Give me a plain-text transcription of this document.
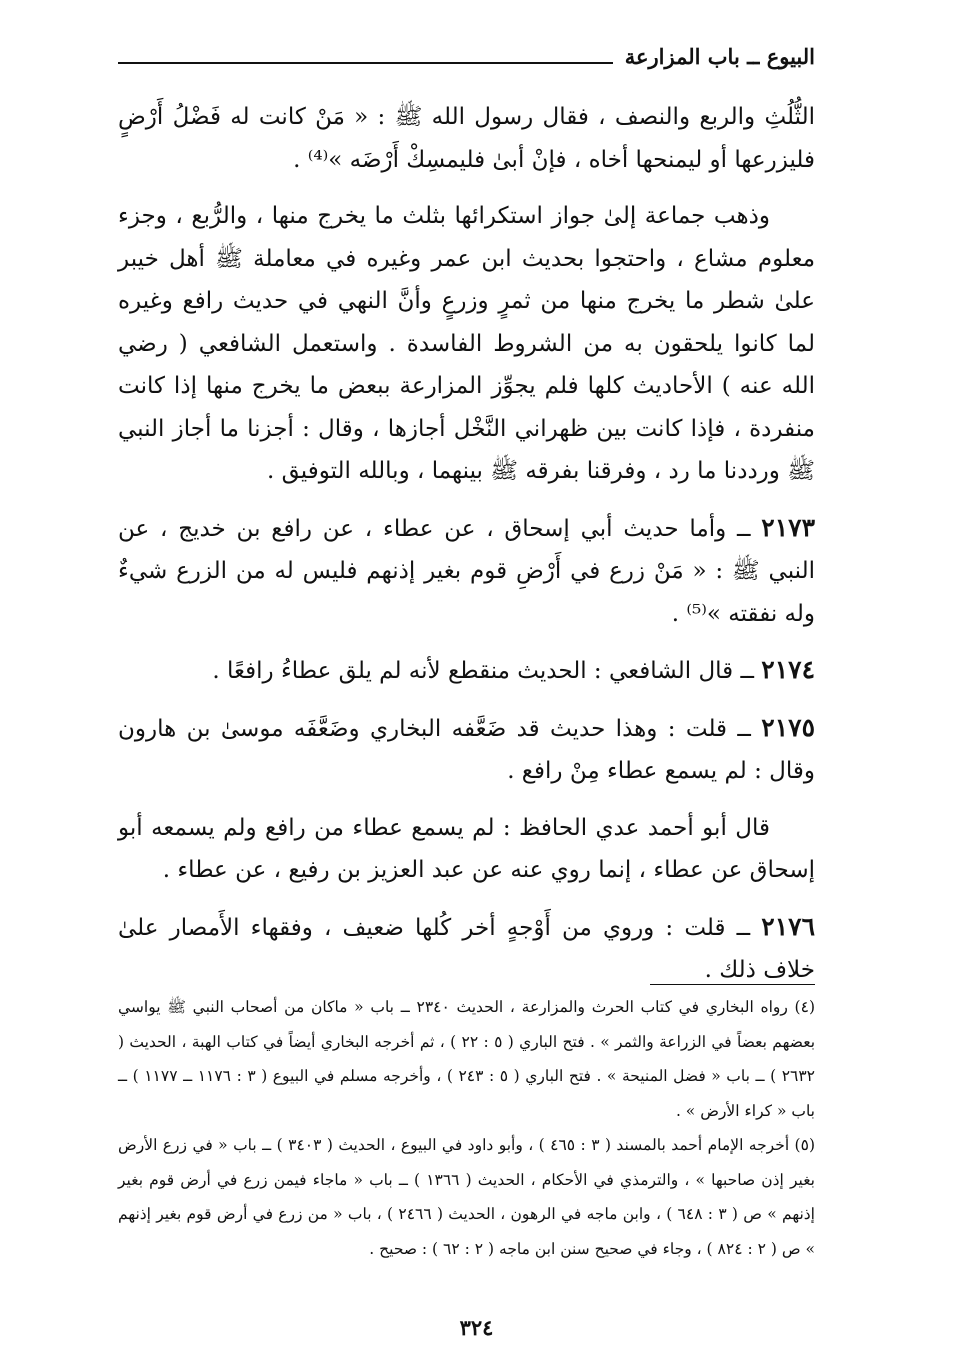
البيوع ــ باب المزارعة

الثُّلُثِ والربع والنصف ، فقال رسول الله ﷺ : « مَنْ كانت له فَضْلُ أَرْضٍ فليزرعها أو ليمنحها أخاه ، فإنْ أبىٰ فليمسِكْ أَرْضَه »⁽⁴⁾ .

وذهب جماعة إلىٰ جواز استكرائها بثلث ما يخرج منها ، والرُّبع ، وجزء معلوم مشاع ، واحتجوا بحديث ابن عمر وغيره في معاملة ﷺ أهل خيبر علىٰ شطر ما يخرج منها من ثمرٍ وزرعٍ وأنَّ النهي في حديث رافع وغيره لما كانوا يلحقون به من الشروط الفاسدة . واستعمل الشافعي ( رضي الله عنه ) الأحاديث كلها فلم يجوِّز المزارعة ببعض ما يخرج منها إذا كانت منفردة ، فإذا كانت بين ظهراني النَّخْل أجازها ، وقال : أجزنا ما أجاز النبي ﷺ ورددنا ما رد ، وفرقنا بفرقه ﷺ بينهما ، وبالله التوفيق .

٢١٧٣ ــ وأما حديث أبي إسحاق ، عن عطاء ، عن رافع بن خديج ، عن النبي ﷺ : « مَنْ زرع في أَرْضِ قوم بغير إذنهم فليس له من الزرع شيءٌ وله نفقته »⁽⁵⁾ .

٢١٧٤ ــ قال الشافعي : الحديث منقطع لأنه لم يلق عطاءُ رافعًا .

٢١٧٥ ــ قلت : وهذا حديث قد ضَعَّفه البخاري وضَعَّفَه موسىٰ بن هارون وقال : لم يسمع عطاء مِنْ رافع .

قال أبو أحمد عدي الحافظ : لم يسمع عطاء من رافع ولم يسمعه أبو إسحاق عن عطاء ، إنما روي عنه عن عبد العزيز بن رفيع ، عن عطاء .

٢١٧٦ ــ قلت : وروي من أَوْجهٍ أخر كُلها ضعيف ، وفقهاء الأَمصار علىٰ خلاف ذلك .

(٤) رواه البخاري في كتاب الحرث والمزارعة ، الحديث ٢٣٤٠ ــ باب « ماكان من أصحاب النبي ﷺ يواسي بعضهم بعضاً في الزراعة والثمر » . فتح الباري ( ٥ : ٢٢ ) ، ثم أخرجه البخاري أيضاً في كتاب الهبة ، الحديث ( ٢٦٣٢ ) ــ باب « فضل المنيحة » . فتح الباري ( ٥ : ٢٤٣ ) ، وأخرجه مسلم في البيوع ( ٣ : ١١٧٦ ــ ١١٧٧ ) ــ باب « كراء الأرض » .

(٥) أخرجه الإمام أحمد بالمسند ( ٣ : ٤٦٥ ) ، وأبو داود في البيوع ، الحديث ( ٣٤٠٣ ) ــ باب « في زرع الأرض بغير إذن صاحبها » ، والترمذي في الأحكام ، الحديث ( ١٣٦٦ ) ــ باب « ماجاء فيمن زرع في أرض قوم بغير إذنهم » ص ( ٣ : ٦٤٨ ) ، وابن ماجه في الرهون ، الحديث ( ٢٤٦٦ ) ، باب « من زرع في أرض قوم بغير إذنهم » ص ( ٢ : ٨٢٤ ) ، وجاء في صحيح سنن ابن ماجه ( ٢ : ٦٢ ) : صحيح .

٣٢٤
